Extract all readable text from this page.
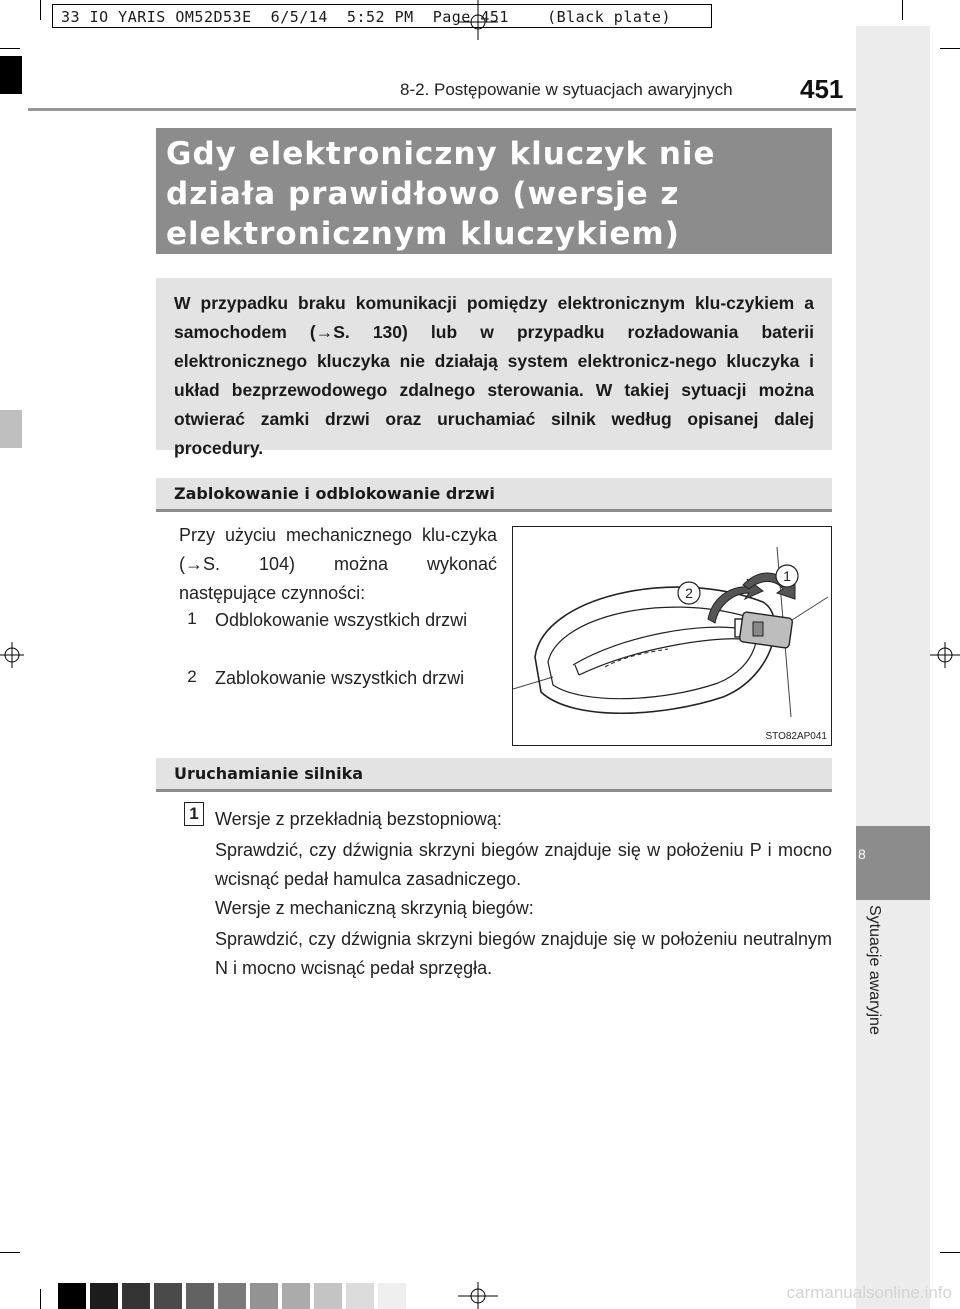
33 IO YARIS OM52D53E  6/5/14  5:52 PM  Page 451    (Black plate)
8-2. Postępowanie w sytuacjach awaryjnych	451
8
Sytuacje awaryjne
Gdy elektroniczny kluczyk nie działa prawidłowo (wersje z elektronicznym kluczykiem)
W przypadku braku komunikacji pomiędzy elektronicznym klu-czykiem a samochodem (→S. 130) lub w przypadku rozładowania baterii elektronicznego kluczyka nie działają system elektronicz-nego kluczyka i układ bezprzewodowego zdalnego sterowania. W takiej sytuacji można otwierać zamki drzwi oraz uruchamiać silnik według opisanej dalej procedury.
Zablokowanie i odblokowanie drzwi
Przy użyciu mechanicznego klu-czyka (→S. 104) można wykonać następujące czynności:
1 Odblokowanie wszystkich drzwi
2 Zablokowanie wszystkich drzwi
2
1
STO82AP041
Uruchamianie silnika
1 Wersje z przekładnią bezstopniową:
Sprawdzić, czy dźwignia skrzyni biegów znajduje się w położeniu P i mocno wcisnąć pedał hamulca zasadniczego.
Wersje z mechaniczną skrzynią biegów:
Sprawdzić, czy dźwignia skrzyni biegów znajduje się w położeniu neutralnym N i mocno wcisnąć pedał sprzęgła.
carmanualsonline.info
